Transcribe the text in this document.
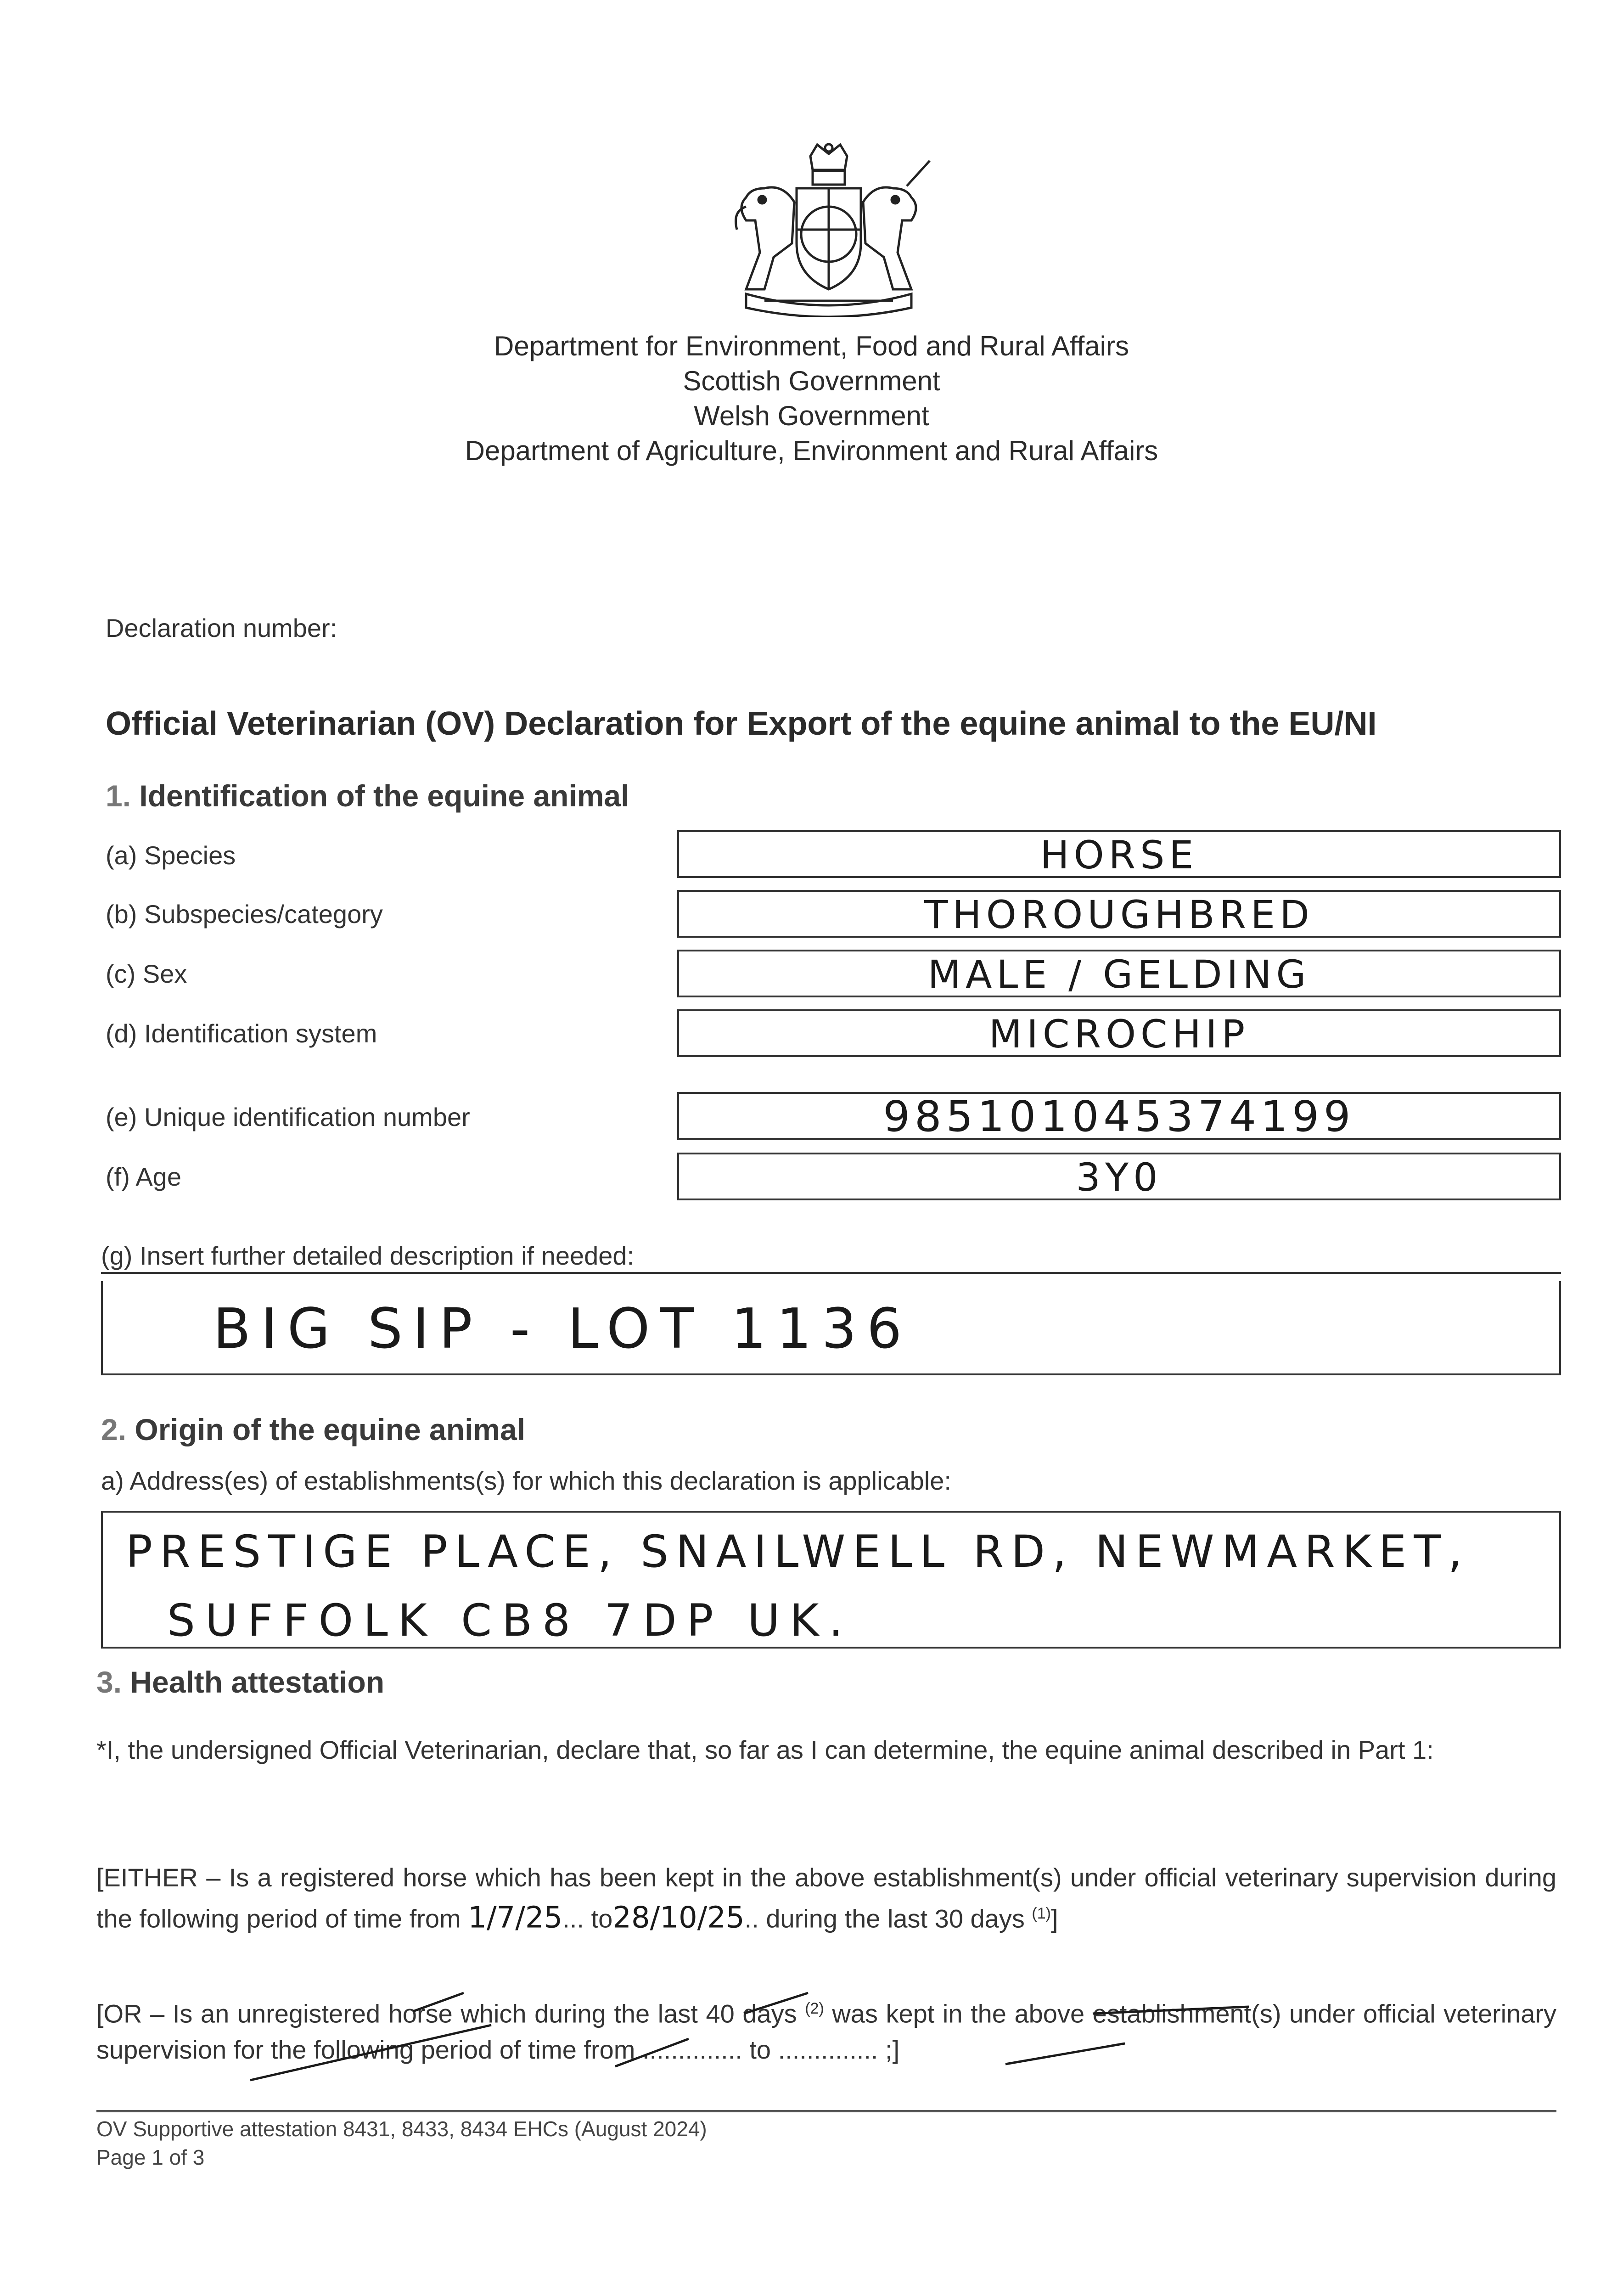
Department for Environment, Food and Rural Affairs
Scottish Government
Welsh Government
Department of Agriculture, Environment and Rural Affairs
Declaration number:
Official Veterinarian (OV) Declaration for Export of the equine animal to the EU/NI
1. Identification of the equine animal
(a) Species	HORSE
(b) Subspecies/category	THOROUGHBRED
(c) Sex	MALE / GELDING
(d) Identification system	MICROCHIP
(e) Unique identification number	985101045374199
(f) Age	3Y0
(g) Insert further detailed description if needed:
BIG SIP - LOT 1136
2. Origin of the equine animal
a) Address(es) of establishments(s) for which this declaration is applicable:
PRESTIGE PLACE, SNAILWELL RD, NEWMARKET,
SUFFOLK CB8 7DP UK.
3. Health attestation
*I, the undersigned Official Veterinarian, declare that, so far as I can determine, the equine animal described in Part 1:
[EITHER – Is a registered horse which has been kept in the above establishment(s) under official veterinary supervision during the following period of time from 1/7/25... to28/10/25.. during the last 30 days $^{(1)}$]
[OR – Is an unregistered horse which during the last 40 days $^{(2)}$ was kept in the above establishment(s) under official veterinary supervision for the following period of time from .............. to .............. ;]
OV Supportive attestation 8431, 8433, 8434 EHCs (August 2024)
Page 1 of 3
